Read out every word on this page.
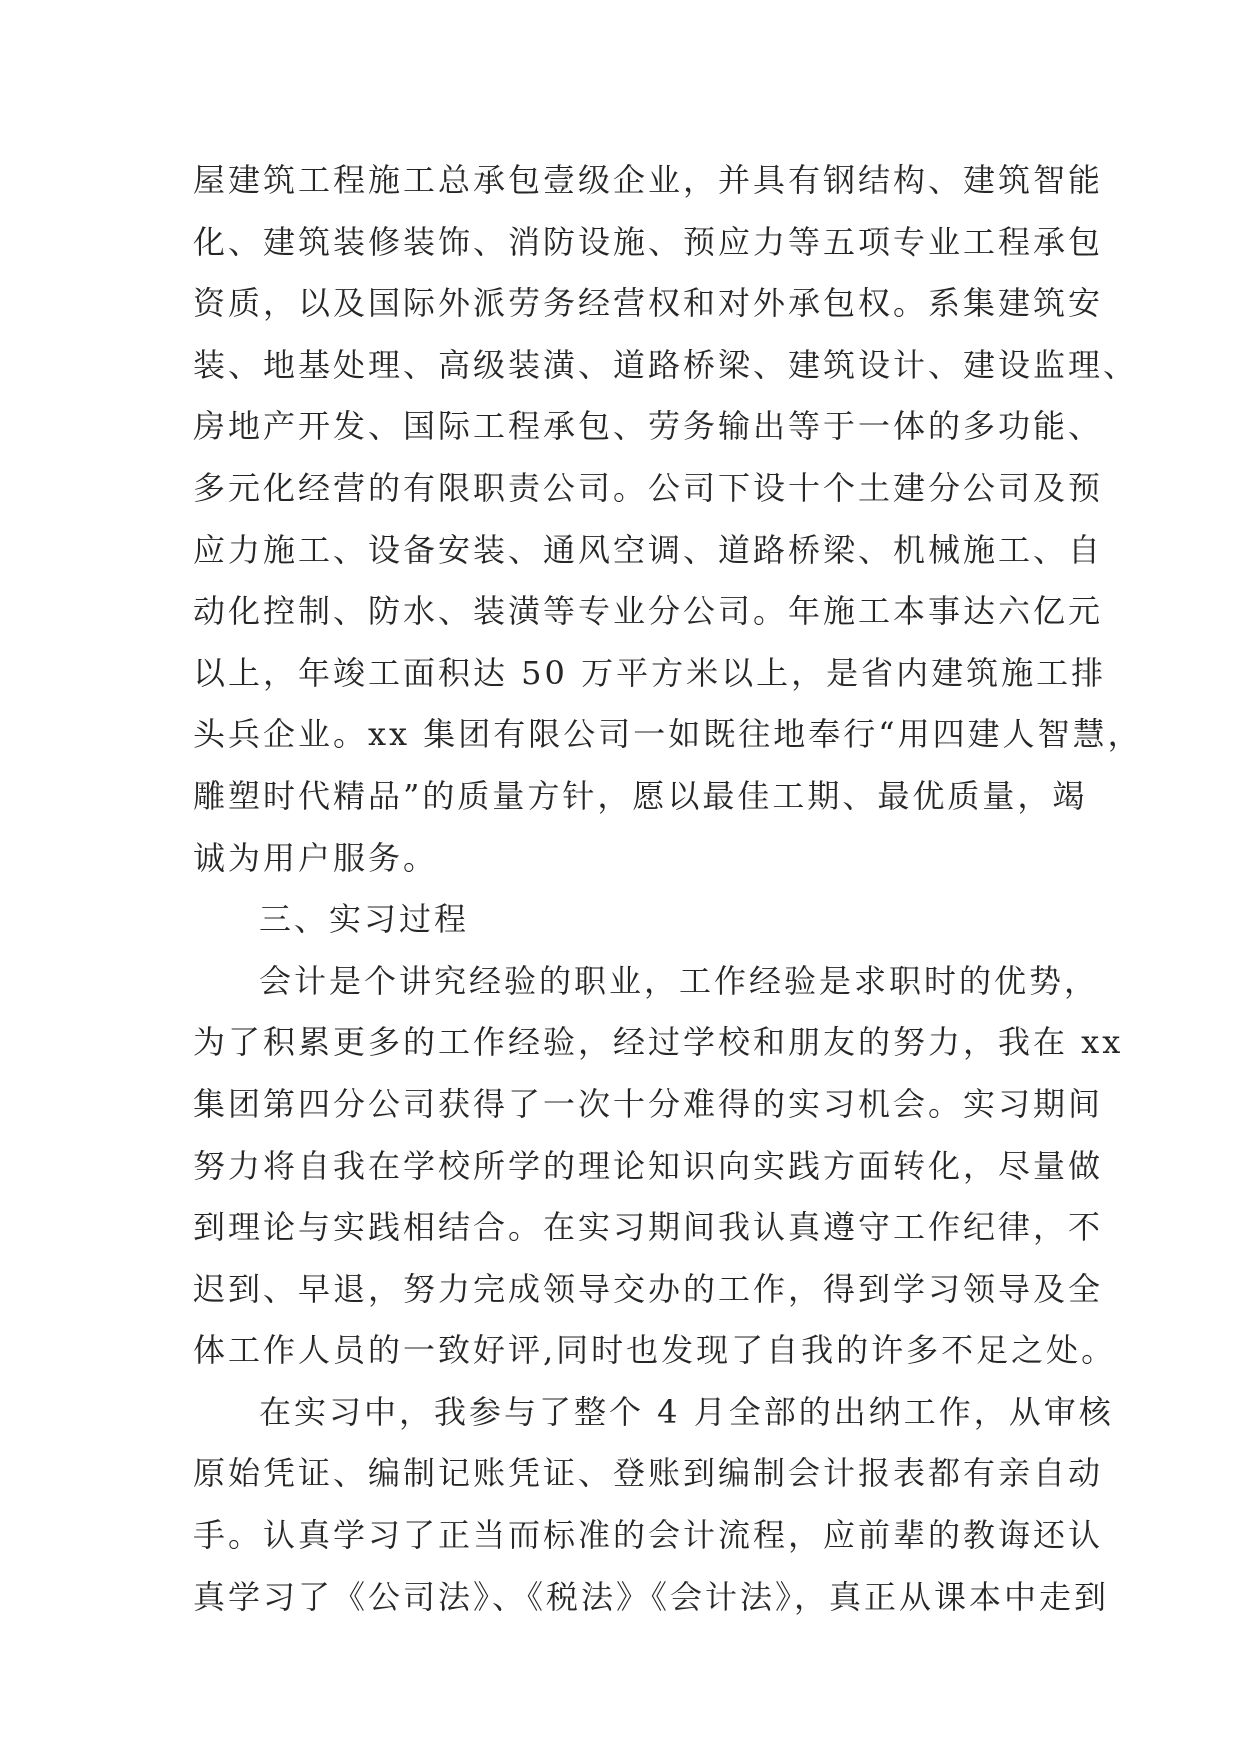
屋建筑工程施工总承包壹级企业，并具有钢结构、建筑智能
化、建筑装修装饰、消防设施、预应力等五项专业工程承包
资质，以及国际外派劳务经营权和对外承包权。系集建筑安
装、地基处理、高级装潢、道路桥梁、建筑设计、建设监理、
房地产开发、国际工程承包、劳务输出等于一体的多功能、
多元化经营的有限职责公司。公司下设十个土建分公司及预
应力施工、设备安装、通风空调、道路桥梁、机械施工、自
动化控制、防水、装潢等专业分公司。年施工本事达六亿元
以上，年竣工面积达 50 万平方米以上，是省内建筑施工排
头兵企业。xx 集团有限公司一如既往地奉行“用四建人智慧，
雕塑时代精品”的质量方针，愿以最佳工期、最优质量，竭
诚为用户服务。
三、实习过程
会计是个讲究经验的职业，工作经验是求职时的优势，
为了积累更多的工作经验，经过学校和朋友的努力，我在 xx
集团第四分公司获得了一次十分难得的实习机会。实习期间
努力将自我在学校所学的理论知识向实践方面转化，尽量做
到理论与实践相结合。在实习期间我认真遵守工作纪律，不
迟到、早退，努力完成领导交办的工作，得到学习领导及全
体工作人员的一致好评,同时也发现了自我的许多不足之处。
在实习中，我参与了整个 4 月全部的出纳工作，从审核
原始凭证、编制记账凭证、登账到编制会计报表都有亲自动
手。认真学习了正当而标准的会计流程，应前辈的教诲还认
真学习了《公司法》、《税法》《会计法》，真正从课本中走到
